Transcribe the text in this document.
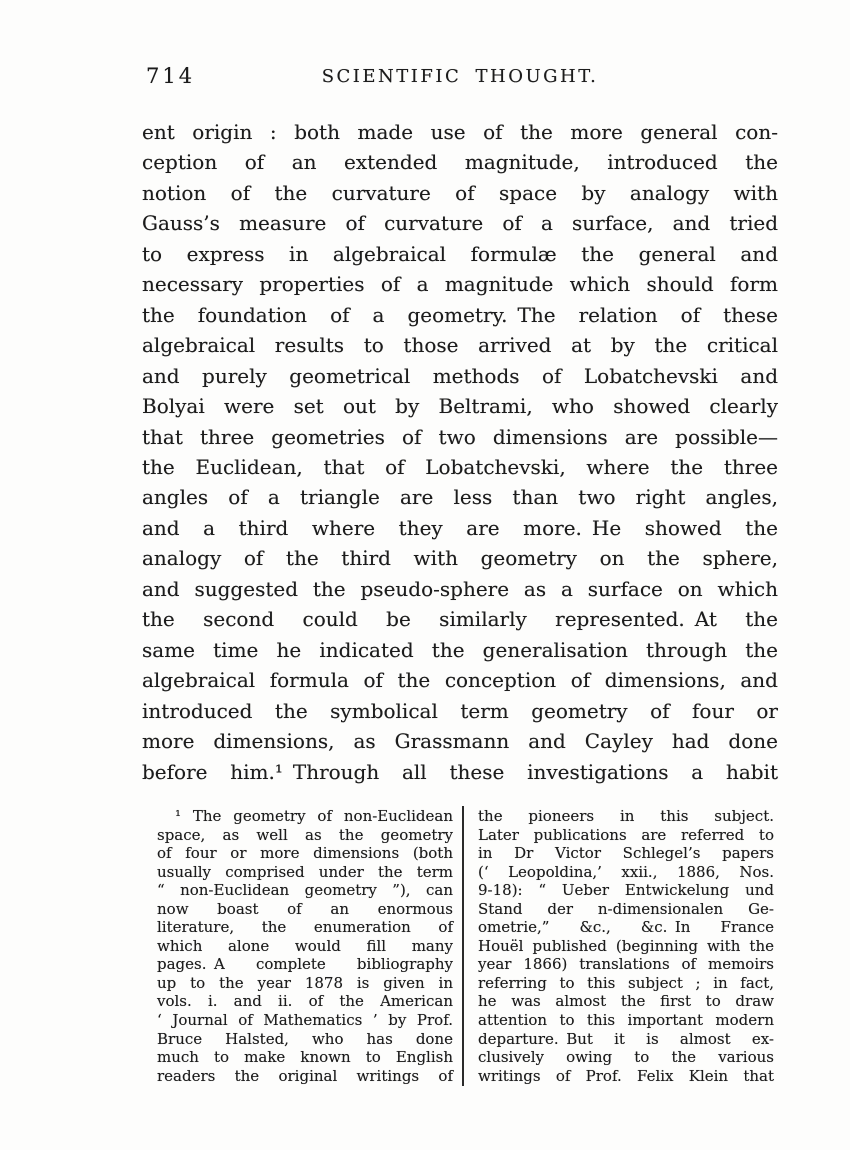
714	SCIENTIFIC THOUGHT.
ent origin : both made use of the more general con-
ception of an extended magnitude, introduced the
notion of the curvature of space by analogy with
Gauss’s measure of curvature of a surface, and tried
to express in algebraical formulæ the general and
necessary properties of a magnitude which should form
the foundation of a geometry. The relation of these
algebraical results to those arrived at by the critical
and purely geometrical methods of Lobatchevski and
Bolyai were set out by Beltrami, who showed clearly
that three geometries of two dimensions are possible—
the Euclidean, that of Lobatchevski, where the three
angles of a triangle are less than two right angles,
and a third where they are more. He showed the
analogy of the third with geometry on the sphere,
and suggested the pseudo-sphere as a surface on which
the second could be similarly represented. At the
same time he indicated the generalisation through the
algebraical formula of the conception of dimensions, and
introduced the symbolical term geometry of four or
more dimensions, as Grassmann and Cayley had done
before him.¹ Through all these investigations a habit
¹ The geometry of non-Euclidean
space, as well as the geometry
of four or more dimensions (both
usually comprised under the term
“ non-Euclidean geometry ”), can
now boast of an enormous
literature, the enumeration of
which alone would fill many
pages. A complete bibliography
up to the year 1878 is given in
vols. i. and ii. of the American
‘ Journal of Mathematics ’ by Prof.
Bruce Halsted, who has done
much to make known to English
readers the original writings of
the pioneers in this subject.
Later publications are referred to
in Dr Victor Schlegel’s papers
(‘ Leopoldina,’ xxii., 1886, Nos.
9-18): “ Ueber Entwickelung und
Stand der n-dimensionalen Ge-
ometrie,” &c., &c. In France
Houël published (beginning with the
year 1866) translations of memoirs
referring to this subject ; in fact,
he was almost the first to draw
attention to this important modern
departure. But it is almost ex-
clusively owing to the various
writings of Prof. Felix Klein that
